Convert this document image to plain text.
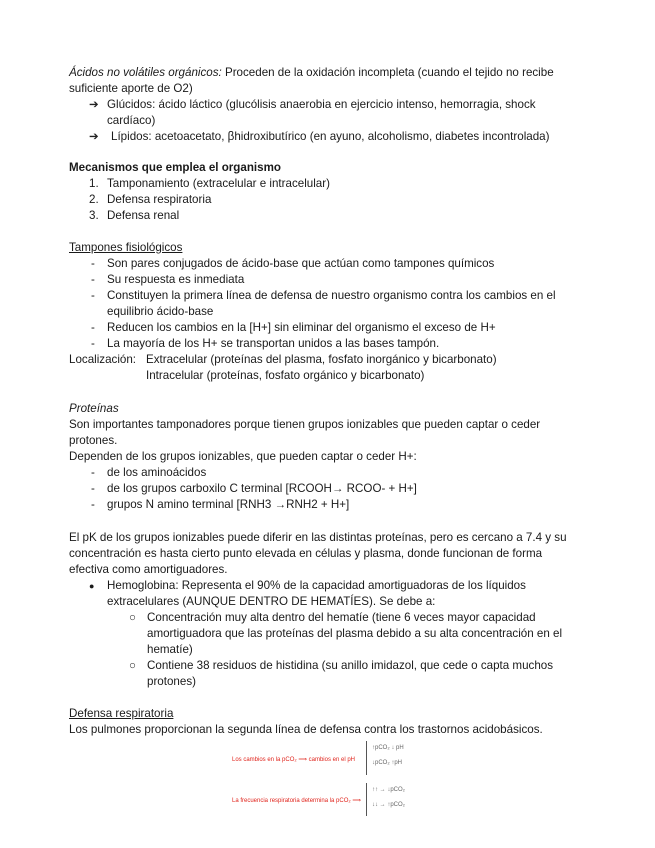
Ácidos no volátiles orgánicos: Proceden de la oxidación incompleta (cuando el tejido no recibe
suficiente aporte de O2)
➔ Glúcidos: ácido láctico (glucólisis anaerobia en ejercicio intenso, hemorragia, shock
cardíaco)
➔ Lípidos: acetoacetato, βhidroxibutírico (en ayuno, alcoholismo, diabetes incontrolada)
Mecanismos que emplea el organismo
1. Tamponamiento (extracelular e intracelular)
2. Defensa respiratoria
3. Defensa renal
Tampones fisiológicos
- Son pares conjugados de ácido-base que actúan como tampones químicos
- Su respuesta es inmediata
- Constituyen la primera línea de defensa de nuestro organismo contra los cambios en el
equilibrio ácido-base
- Reducen los cambios en la [H+] sin eliminar del organismo el exceso de H+
- La mayoría de los H+ se transportan unidos a las bases tampón.
Localización: Extracelular (proteínas del plasma, fosfato inorgánico y bicarbonato)
Intracelular (proteínas, fosfato orgánico y bicarbonato)
Proteínas
Son importantes tamponadores porque tienen grupos ionizables que pueden captar o ceder
protones.
Dependen de los grupos ionizables, que pueden captar o ceder H+:
- de los aminoácidos
- de los grupos carboxilo C terminal [RCOOH→ RCOO- + H+]
- grupos N amino terminal [RNH3 →RNH2 + H+]
El pK de los grupos ionizables puede diferir en las distintas proteínas, pero es cercano a 7.4 y su
concentración es hasta cierto punto elevada en células y plasma, donde funcionan de forma
efectiva como amortiguadores.
● Hemoglobina: Representa el 90% de la capacidad amortiguadoras de los líquidos
extracelulares (AUNQUE DENTRO DE HEMATÍES). Se debe a:
○ Concentración muy alta dentro del hematíe (tiene 6 veces mayor capacidad
amortiguadora que las proteínas del plasma debido a su alta concentración en el
hematíe)
○ Contiene 38 residuos de histidina (su anillo imidazol, que cede o capta muchos
protones)
Defensa respiratoria
Los pulmones proporcionan la segunda línea de defensa contra los trastornos acidobásicos.
Los cambios en la pCO₂ ⟹ cambios en el pH
↑pCO₂ ↓ pH
↓pCO₂ ↑pH
La frecuencia respiratoria determina la pCO₂ ⟹
↑↑ → ↓pCO₂
↓↓ → ↑pCO₂
